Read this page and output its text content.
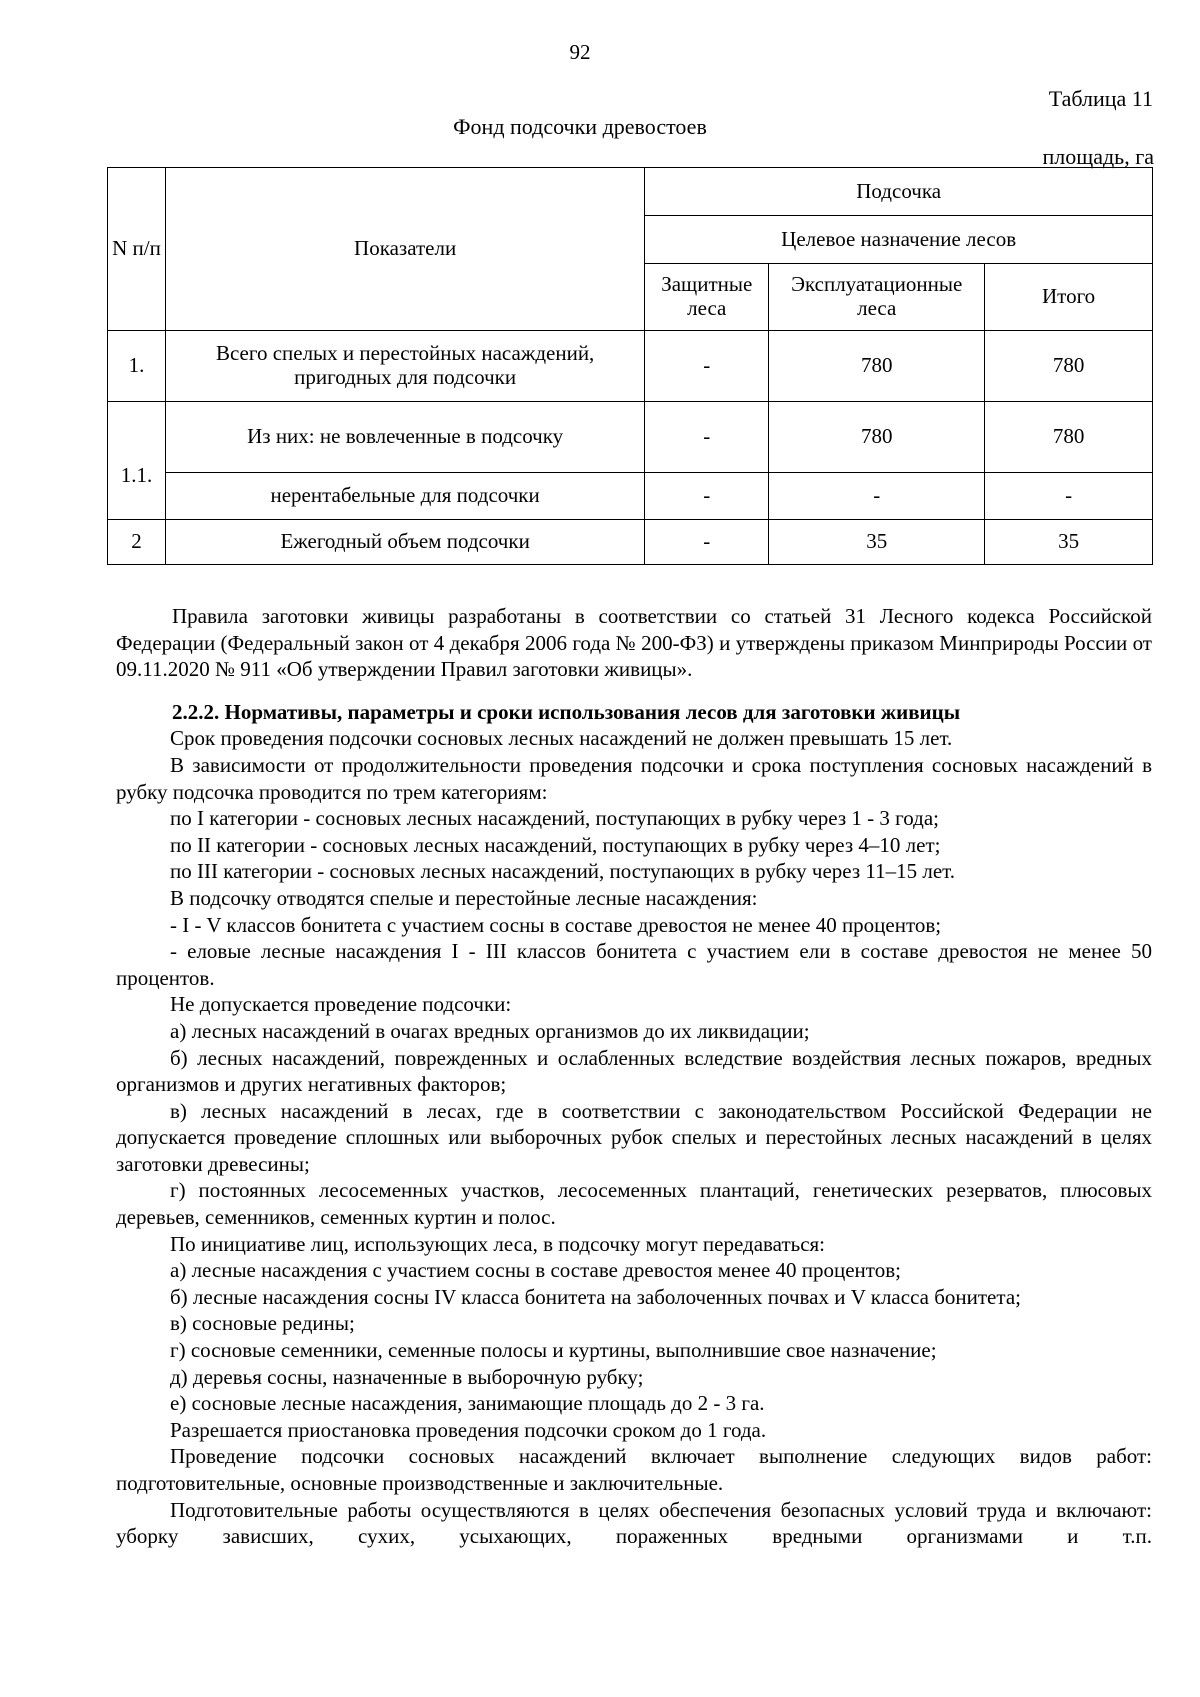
92
Таблица 11
Фонд подсочки древостоев
площадь, га
N п/п	Показатели	Подсочка		
		Целевое назначение лесов		
		Защитные леса	Эксплуатационные леса	Итого
1.	Всего спелых и перестойных насаждений, пригодных для подсочки	-	780	780
1.1.	Из них: не вовлеченные в подсочку	-	780	780
	нерентабельные для подсочки	-	-	-
2	Ежегодный объем подсочки	-	35	35

Правила заготовки живицы разработаны в соответствии со статьей 31 Лесного кодекса Российской Федерации (Федеральный закон от 4 декабря 2006 года № 200-ФЗ) и утверждены приказом Минприроды России от 09.11.2020 № 911 «Об утверждении Правил заготовки живицы».

2.2.2. Нормативы, параметры и сроки использования лесов для заготовки живицы

Срок проведения подсочки сосновых лесных насаждений не должен превышать 15 лет.

В зависимости от продолжительности проведения подсочки и срока поступления сосновых насаждений в рубку подсочка проводится по трем категориям:

по I категории - сосновых лесных насаждений, поступающих в рубку через 1 - 3 года;

по II категории - сосновых лесных насаждений, поступающих в рубку через 4–10 лет;

по III категории - сосновых лесных насаждений, поступающих в рубку через 11–15 лет.

В подсочку отводятся спелые и перестойные лесные насаждения:

- I - V классов бонитета с участием сосны в составе древостоя не менее 40 процентов;

- еловые лесные насаждения I - III классов бонитета с участием ели в составе древостоя не менее 50 процентов.

Не допускается проведение подсочки:

а) лесных насаждений в очагах вредных организмов до их ликвидации;

б) лесных насаждений, поврежденных и ослабленных вследствие воздействия лесных пожаров, вредных организмов и других негативных факторов;

в) лесных насаждений в лесах, где в соответствии с законодательством Российской Федерации не допускается проведение сплошных или выборочных рубок спелых и перестойных лесных насаждений в целях заготовки древесины;

г) постоянных лесосеменных участков, лесосеменных плантаций, генетических резерватов, плюсовых деревьев, семенников, семенных куртин и полос.

По инициативе лиц, использующих леса, в подсочку могут передаваться:

а) лесные насаждения с участием сосны в составе древостоя менее 40 процентов;

б) лесные насаждения сосны IV класса бонитета на заболоченных почвах и V класса бонитета;

в) сосновые редины;

г) сосновые семенники, семенные полосы и куртины, выполнившие свое назначение;

д) деревья сосны, назначенные в выборочную рубку;

е) сосновые лесные насаждения, занимающие площадь до 2 - 3 га.

Разрешается приостановка проведения подсочки сроком до 1 года.

Проведение подсочки сосновых насаждений включает выполнение следующих видов работ: подготовительные, основные производственные и заключительные.

Подготовительные работы осуществляются в целях обеспечения безопасных условий труда и включают: уборку зависших, сухих, усыхающих, пораженных вредными организмами и т.п.
